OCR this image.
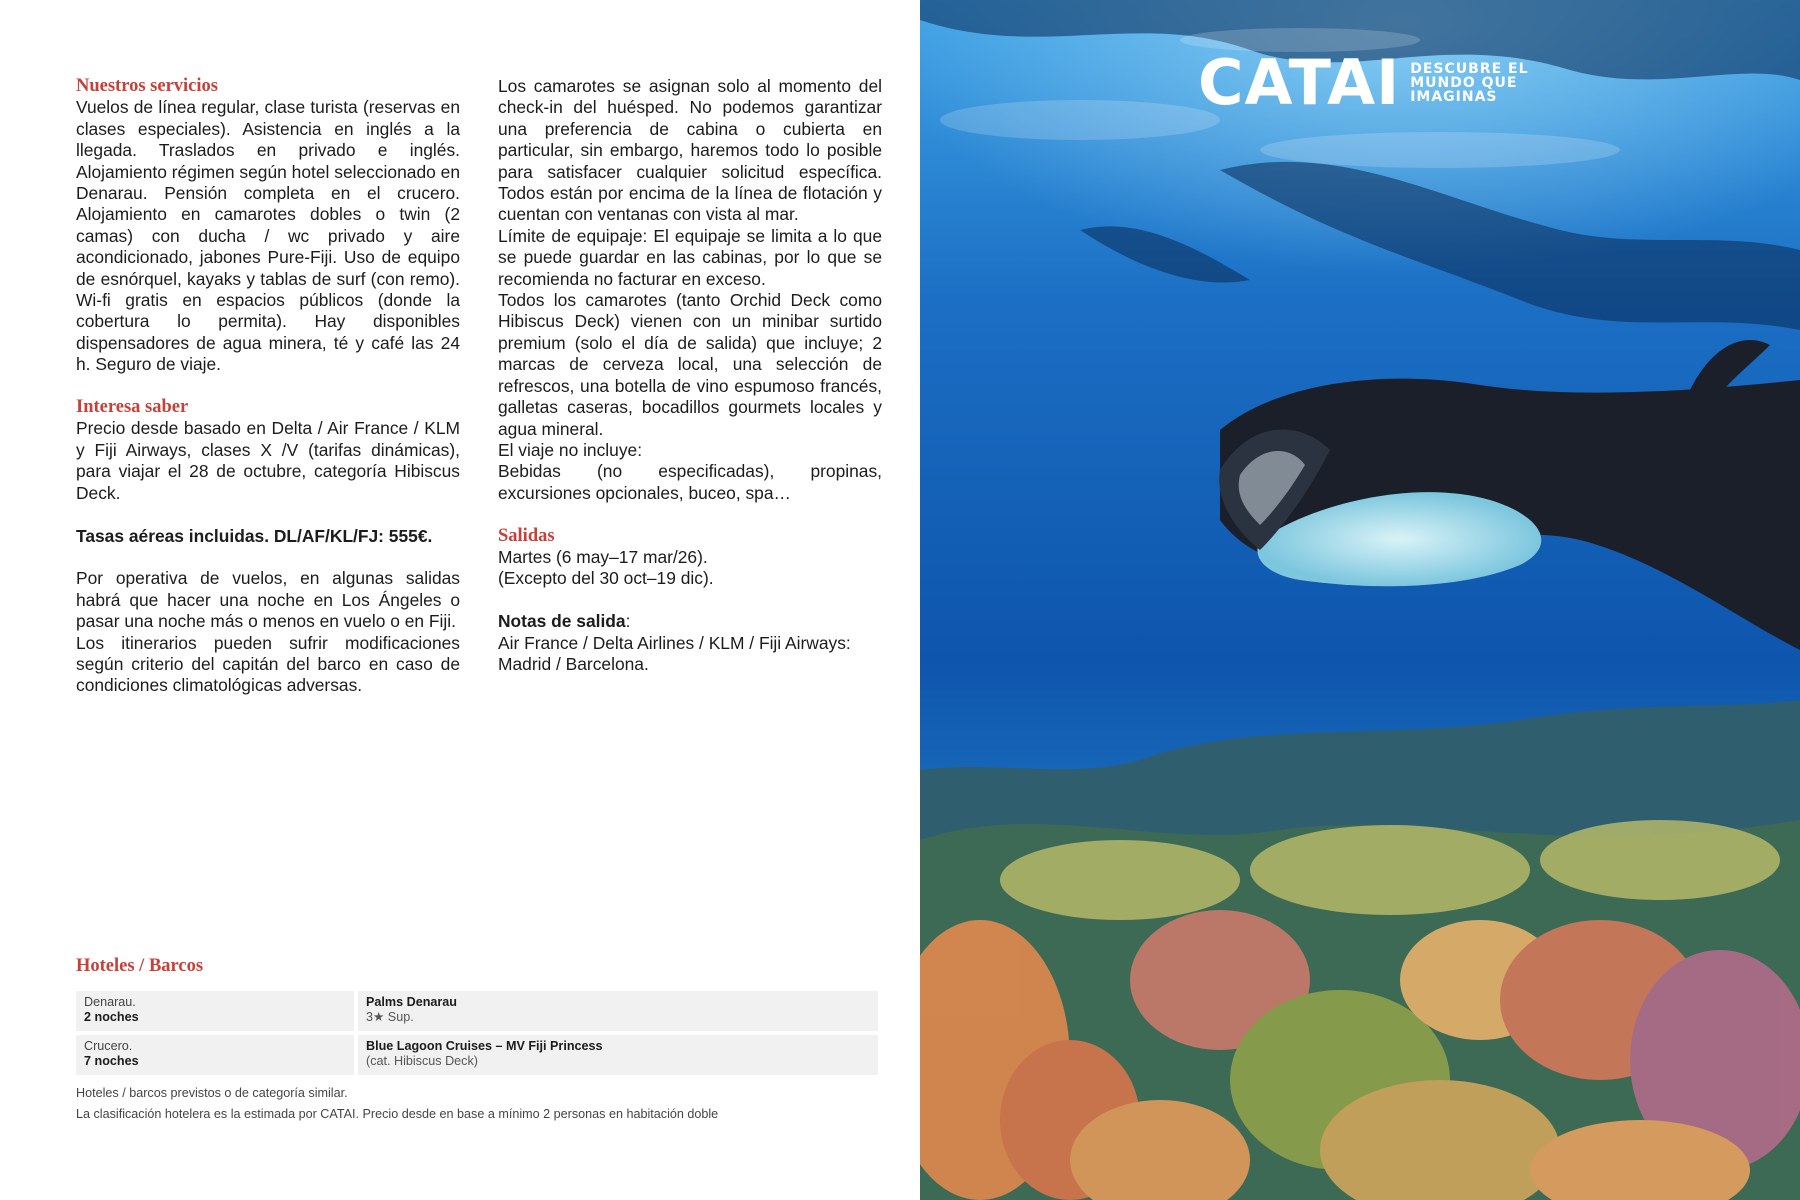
Nuestros servicios

Vuelos de línea regular, clase turista (reservas en clases especiales). Asistencia en inglés a la llegada. Traslados en privado e inglés. Alojamiento régimen según hotel seleccionado en Denarau. Pensión completa en el crucero. Alojamiento en camarotes dobles o twin (2 camas) con ducha / wc privado y aire acondicionado, jabones Pure-Fiji. Uso de equipo de esnórquel, kayaks y tablas de surf (con remo). Wi-fi gratis en espacios públicos (donde la cobertura lo permita). Hay disponibles dispensadores de agua minera, té y café las 24 h. Seguro de viaje.

Interesa saber

Precio desde basado en Delta / Air France / KLM y Fiji Airways, clases X /V (tarifas dinámicas), para viajar el 28 de octubre, categoría Hibiscus Deck.

Tasas aéreas incluidas. DL/AF/KL/FJ: 555€.

Por operativa de vuelos, en algunas salidas habrá que hacer una noche en Los Ángeles o pasar una noche más o menos en vuelo o en Fiji.

Los itinerarios pueden sufrir modificaciones según criterio del capitán del barco en caso de condiciones climatológicas adversas.

Los camarotes se asignan solo al momento del check-in del huésped. No podemos garantizar una preferencia de cabina o cubierta en particular, sin embargo, haremos todo lo posible para satisfacer cualquier solicitud específica. Todos están por encima de la línea de flotación y cuentan con ventanas con vista al mar.

Límite de equipaje: El equipaje se limita a lo que se puede guardar en las cabinas, por lo que se recomienda no facturar en exceso.

Todos los camarotes (tanto Orchid Deck como Hibiscus Deck) vienen con un minibar surtido premium (solo el día de salida) que incluye; 2 marcas de cerveza local, una selección de refrescos, una botella de vino espumoso francés, galletas caseras, bocadillos gourmets locales y agua mineral.

El viaje no incluye:

Bebidas (no especificadas), propinas, excursiones opcionales, buceo, spa…

Salidas

Martes (6 may–17 mar/26).

(Excepto del 30 oct–19 dic).

Notas de salida:

Air France / Delta Airlines / KLM / Fiji Airways:

Madrid / Barcelona.

Hoteles / Barcos
Denarau.
2 noches
Palms Denarau
3★ Sup.
Crucero.
7 noches
Blue Lagoon Cruises – MV Fiji Princess
(cat. Hibiscus Deck)
Hoteles / barcos previstos o de categoría similar.
La clasificación hotelera es la estimada por CATAI. Precio desde en base a mínimo 2 personas en habitación doble
CATAI DESCUBRE EL
MUNDO QUE
IMAGINAS
